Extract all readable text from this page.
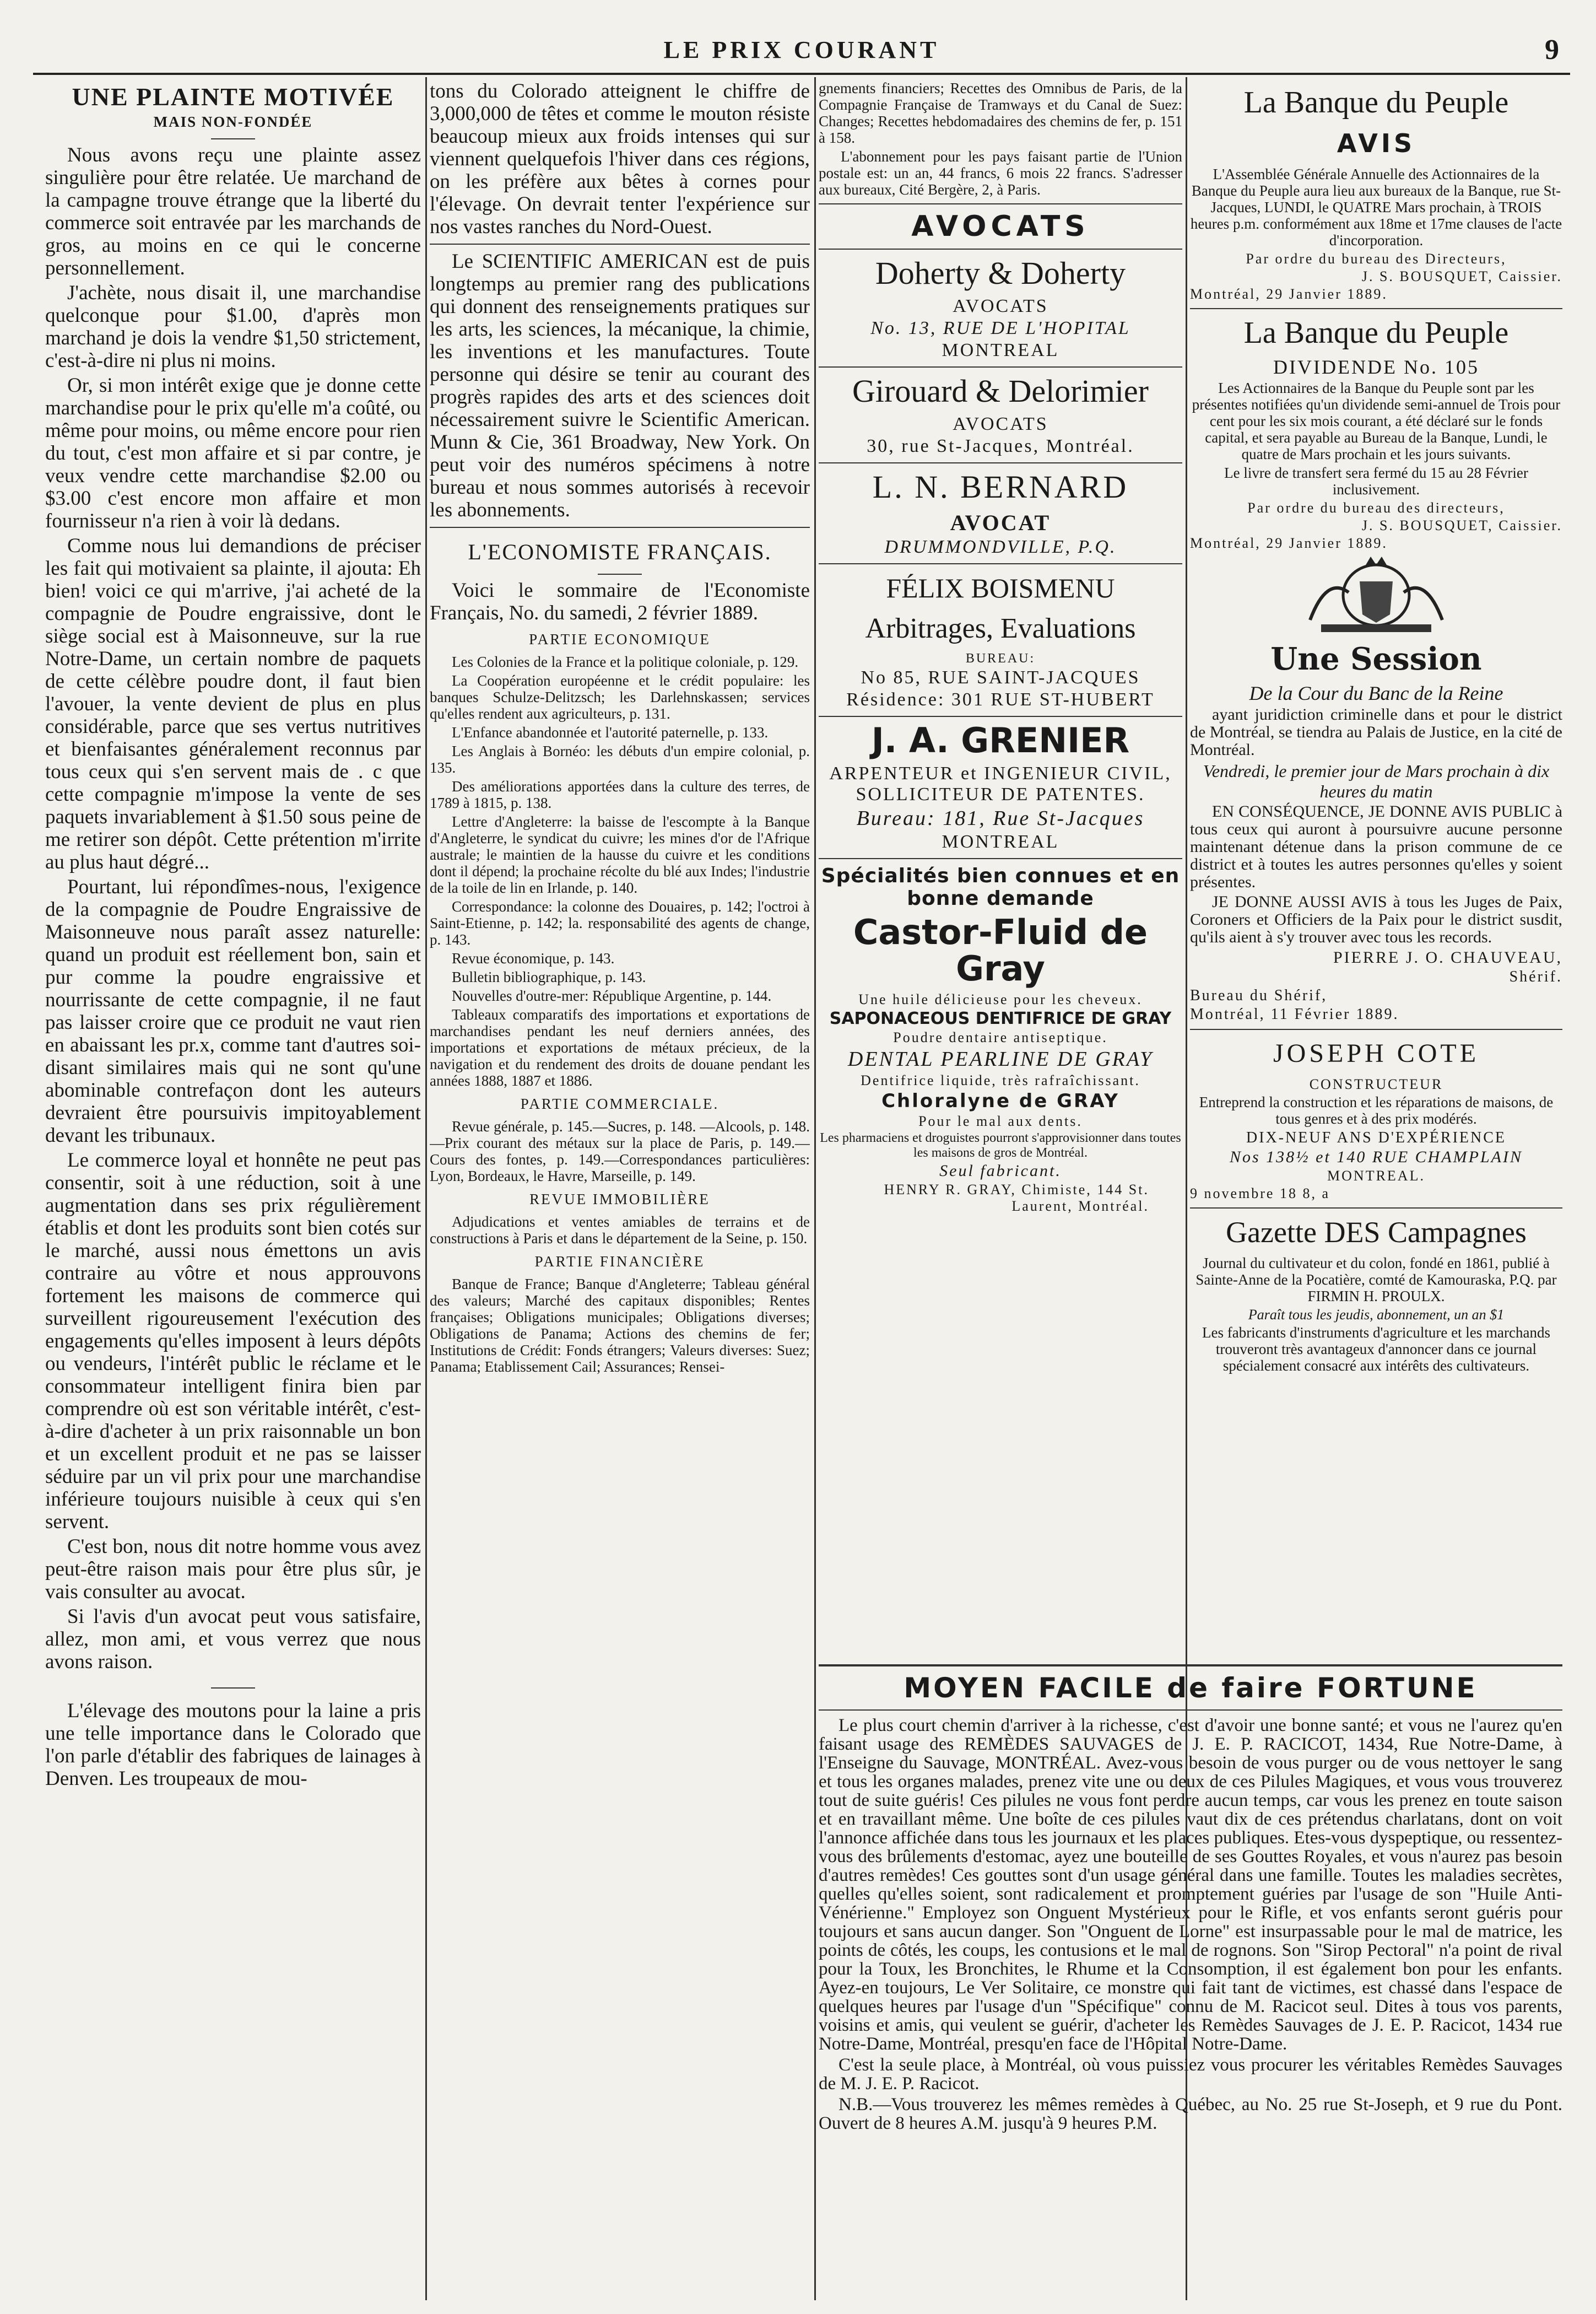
LE PRIX COURANT	9
UNE PLAINTE MOTIVÉE
MAIS NON-FONDÉE

Nous avons reçu une plainte assez singulière pour être relatée. Ue marchand de la campagne trouve étrange que la liberté du commerce soit entravée par les marchands de gros, au moins en ce qui le concerne personnellement.

J'achète, nous disait il, une marchandise quelconque pour $1.00, d'après mon marchand je dois la vendre $1,50 strictement, c'est-à-dire ni plus ni moins.

Or, si mon intérêt exige que je donne cette marchandise pour le prix qu'elle m'a coûté, ou même pour moins, ou même encore pour rien du tout, c'est mon affaire et si par contre, je veux vendre cette marchandise $2.00 ou $3.00 c'est encore mon affaire et mon fournisseur n'a rien à voir là dedans.

Comme nous lui demandions de préciser les fait qui motivaient sa plainte, il ajouta: Eh bien! voici ce qui m'arrive, j'ai acheté de la compagnie de Poudre engraissive, dont le siège social est à Maisonneuve, sur la rue Notre-Dame, un certain nombre de paquets de cette célèbre poudre dont, il faut bien l'avouer, la vente devient de plus en plus considérable, parce que ses vertus nutritives et bienfaisantes généralement reconnus par tous ceux qui s'en servent mais de . c que cette compagnie m'impose la vente de ses paquets invariablement à $1.50 sous peine de me retirer son dépôt. Cette prétention m'irrite au plus haut dégré...

Pourtant, lui répondîmes-nous, l'exigence de la compagnie de Poudre Engraissive de Maisonneuve nous paraît assez naturelle: quand un produit est réellement bon, sain et pur comme la poudre engraissive et nourrissante de cette compagnie, il ne faut pas laisser croire que ce produit ne vaut rien en abaissant les pr.x, comme tant d'autres soi-disant similaires mais qui ne sont qu'une abominable contrefaçon dont les auteurs devraient être poursuivis impitoyablement devant les tribunaux.

Le commerce loyal et honnête ne peut pas consentir, soit à une réduction, soit à une augmentation dans ses prix régulièrement établis et dont les produits sont bien cotés sur le marché, aussi nous émettons un avis contraire au vôtre et nous approuvons fortement les maisons de commerce qui surveillent rigoureusement l'exécution des engagements qu'elles imposent à leurs dépôts ou vendeurs, l'intérêt public le réclame et le consommateur intelligent finira bien par comprendre où est son véritable intérêt, c'est-à-dire d'acheter à un prix raisonnable un bon et un excellent produit et ne pas se laisser séduire par un vil prix pour une marchandise inférieure toujours nuisible à ceux qui s'en servent.

C'est bon, nous dit notre homme vous avez peut-être raison mais pour être plus sûr, je vais consulter au avocat.

Si l'avis d'un avocat peut vous satisfaire, allez, mon ami, et vous verrez que nous avons raison.

L'élevage des moutons pour la laine a pris une telle importance dans le Colorado que l'on parle d'établir des fabriques de lainages à Denven. Les troupeaux de mou-

tons du Colorado atteignent le chiffre de 3,000,000 de têtes et comme le mouton résiste beaucoup mieux aux froids intenses qui sur viennent quelquefois l'hiver dans ces régions, on les préfère aux bêtes à cornes pour l'élevage. On devrait tenter l'expérience sur nos vastes ranches du Nord-Ouest.

Le SCIENTIFIC AMERICAN est de puis longtemps au premier rang des publications qui donnent des renseignements pratiques sur les arts, les sciences, la mécanique, la chimie, les inventions et les manufactures. Toute personne qui désire se tenir au courant des progrès rapides des arts et des sciences doit nécessairement suivre le Scientific American. Munn & Cie, 361 Broadway, New York. On peut voir des numéros spécimens à notre bureau et nous sommes autorisés à recevoir les abonnements.

L'ECONOMISTE FRANÇAIS.

Voici le sommaire de l'Economiste Français, No. du samedi, 2 février 1889.

PARTIE ECONOMIQUE

Les Colonies de la France et la politique coloniale, p. 129.

La Coopération européenne et le crédit populaire: les banques Schulze-Delitzsch; les Darlehnskassen; services qu'elles rendent aux agriculteurs, p. 131.

L'Enfance abandonnée et l'autorité paternelle, p. 133.

Les Anglais à Bornéo: les débuts d'un empire colonial, p. 135.

Des améliorations apportées dans la culture des terres, de 1789 à 1815, p. 138.

Lettre d'Angleterre: la baisse de l'escompte à la Banque d'Angleterre, le syndicat du cuivre; les mines d'or de l'Afrique australe; le maintien de la hausse du cuivre et les conditions dont il dépend; la prochaine récolte du blé aux Indes; l'industrie de la toile de lin en Irlande, p. 140.

Correspondance: la colonne des Douaires, p. 142; l'octroi à Saint-Etienne, p. 142; la. responsabilité des agents de change, p. 143.

Revue économique, p. 143.

Bulletin bibliographique, p. 143.

Nouvelles d'outre-mer: République Argentine, p. 144.

Tableaux comparatifs des importations et exportations de marchandises pendant les neuf derniers années, des importations et exportations de métaux précieux, de la navigation et du rendement des droits de douane pendant les années 1888, 1887 et 1886.

PARTIE COMMERCIALE.

Revue générale, p. 145.—Sucres, p. 148. —Alcools, p. 148.—Prix courant des métaux sur la place de Paris, p. 149.—Cours des fontes, p. 149.—Correspondances particulières: Lyon, Bordeaux, le Havre, Marseille, p. 149.

REVUE IMMOBILIÈRE

Adjudications et ventes amiables de terrains et de constructions à Paris et dans le département de la Seine, p. 150.

PARTIE FINANCIÈRE

Banque de France; Banque d'Angleterre; Tableau général des valeurs; Marché des capitaux disponibles; Rentes françaises; Obligations municipales; Obligations diverses; Obligations de Panama; Actions des chemins de fer; Institutions de Crédit: Fonds étrangers; Valeurs diverses: Suez; Panama; Etablissement Cail; Assurances; Rensei-

gnements financiers; Recettes des Omnibus de Paris, de la Compagnie Française de Tramways et du Canal de Suez: Changes; Recettes hebdomadaires des chemins de fer, p. 151 à 158.

L'abonnement pour les pays faisant partie de l'Union postale est: un an, 44 francs, 6 mois 22 francs. S'adresser aux bureaux, Cité Bergère, 2, à Paris.

AVOCATS
Doherty & Doherty
AVOCATS
No. 13, RUE DE L'HOPITAL
MONTREAL
Girouard & Delorimier
AVOCATS
30, rue St-Jacques, Montréal.
L. N. BERNARD
AVOCAT
DRUMMONDVILLE, P.Q.
FÉLIX BOISMENU
Arbitrages, Evaluations
BUREAU:
No 85, RUE SAINT-JACQUES
Résidence: 301 RUE ST-HUBERT
J. A. GRENIER
ARPENTEUR et INGENIEUR CIVIL, SOLLICITEUR DE PATENTES.
Bureau: 181, Rue St-Jacques
MONTREAL
Spécialités bien connues et en bonne demande
Castor-Fluid de Gray
Une huile délicieuse pour les cheveux.
SAPONACEOUS DENTIFRICE DE GRAY
Poudre dentaire antiseptique.
DENTAL PEARLINE DE GRAY
Dentifrice liquide, très rafraîchissant.
Chloralyne de GRAY
Pour le mal aux dents.
Les pharmaciens et droguistes pourront s'approvisionner dans toutes les maisons de gros de Montréal.
Seul fabricant.
HENRY R. GRAY, Chimiste, 144 St. Laurent, Montréal.
La Banque du Peuple
AVIS

L'Assemblée Générale Annuelle des Actionnaires de la Banque du Peuple aura lieu aux bureaux de la Banque, rue St-Jacques, LUNDI, le QUATRE Mars prochain, à TROIS heures p.m. conformément aux 18me et 17me clauses de l'acte d'incorporation.

Par ordre du bureau des Directeurs,
J. S. BOUSQUET, Caissier.
Montréal, 29 Janvier 1889.
La Banque du Peuple
DIVIDENDE No. 105

Les Actionnaires de la Banque du Peuple sont par les présentes notifiées qu'un dividende semi-annuel de Trois pour cent pour les six mois courant, a été déclaré sur le fonds capital, et sera payable au Bureau de la Banque, Lundi, le quatre de Mars prochain et les jours suivants.

Le livre de transfert sera fermé du 15 au 28 Février inclusivement.

Par ordre du bureau des directeurs,
J. S. BOUSQUET, Caissier.
Montréal, 29 Janvier 1889.
Une Session
De la Cour du Banc de la Reine

ayant juridiction criminelle dans et pour le district de Montréal, se tiendra au Palais de Justice, en la cité de Montréal.

Vendredi, le premier jour de Mars prochain à dix heures du matin

EN CONSÉQUENCE, JE DONNE AVIS PUBLIC à tous ceux qui auront à poursuivre aucune personne maintenant détenue dans la prison commune de ce district et à toutes les autres personnes qu'elles y soient présentes.

JE DONNE AUSSI AVIS à tous les Juges de Paix, Coroners et Officiers de la Paix pour le district susdit, qu'ils aient à s'y trouver avec tous les records.

PIERRE J. O. CHAUVEAU,
Shérif.
Bureau du Shérif,
Montréal, 11 Février 1889.
JOSEPH COTE
CONSTRUCTEUR

Entreprend la construction et les réparations de maisons, de tous genres et à des prix modérés.

DIX-NEUF ANS D'EXPÉRIENCE
Nos 138½ et 140 RUE CHAMPLAIN
MONTREAL.
9 novembre 18 8, a
Gazette DES Campagnes

Journal du cultivateur et du colon, fondé en 1861, publié à Sainte-Anne de la Pocatière, comté de Kamouraska, P.Q. par FIRMIN H. PROULX.

Paraît tous les jeudis, abonnement, un an $1

Les fabricants d'instruments d'agriculture et les marchands trouveront très avantageux d'annoncer dans ce journal spécialement consacré aux intérêts des cultivateurs.

MOYEN FACILE de faire FORTUNE

Le plus court chemin d'arriver à la richesse, c'est d'avoir une bonne santé; et vous ne l'aurez qu'en faisant usage des REMÈDES SAUVAGES de J. E. P. RACICOT, 1434, Rue Notre-Dame, à l'Enseigne du Sauvage, MONTRÉAL. Avez-vous besoin de vous purger ou de vous nettoyer le sang et tous les organes malades, prenez vite une ou deux de ces Pilules Magiques, et vous vous trouverez tout de suite guéris! Ces pilules ne vous font perdre aucun temps, car vous les prenez en toute saison et en travaillant même. Une boîte de ces pilules vaut dix de ces prétendus charlatans, dont on voit l'annonce affichée dans tous les journaux et les places publiques. Etes-vous dyspeptique, ou ressentez-vous des brûlements d'estomac, ayez une bouteille de ses Gouttes Royales, et vous n'aurez pas besoin d'autres remèdes! Ces gouttes sont d'un usage général dans une famille. Toutes les maladies secrètes, quelles qu'elles soient, sont radicalement et promptement guéries par l'usage de son "Huile Anti-Vénérienne." Employez son Onguent Mystérieux pour le Rifle, et vos enfants seront guéris pour toujours et sans aucun danger. Son "Onguent de Lorne" est insurpassable pour le mal de matrice, les points de côtés, les coups, les contusions et le mal de rognons. Son "Sirop Pectoral" n'a point de rival pour la Toux, les Bronchites, le Rhume et la Consomption, il est également bon pour les enfants. Ayez-en toujours, Le Ver Solitaire, ce monstre qui fait tant de victimes, est chassé dans l'espace de quelques heures par l'usage d'un "Spécifique" connu de M. Racicot seul. Dites à tous vos parents, voisins et amis, qui veulent se guérir, d'acheter les Remèdes Sauvages de J. E. P. Racicot, 1434 rue Notre-Dame, Montréal, presqu'en face de l'Hôpital Notre-Dame.

C'est la seule place, à Montréal, où vous puissiez vous procurer les véritables Remèdes Sauvages de M. J. E. P. Racicot.

N.B.—Vous trouverez les mêmes remèdes à Québec, au No. 25 rue St-Joseph, et 9 rue du Pont. Ouvert de 8 heures A.M. jusqu'à 9 heures P.M.
